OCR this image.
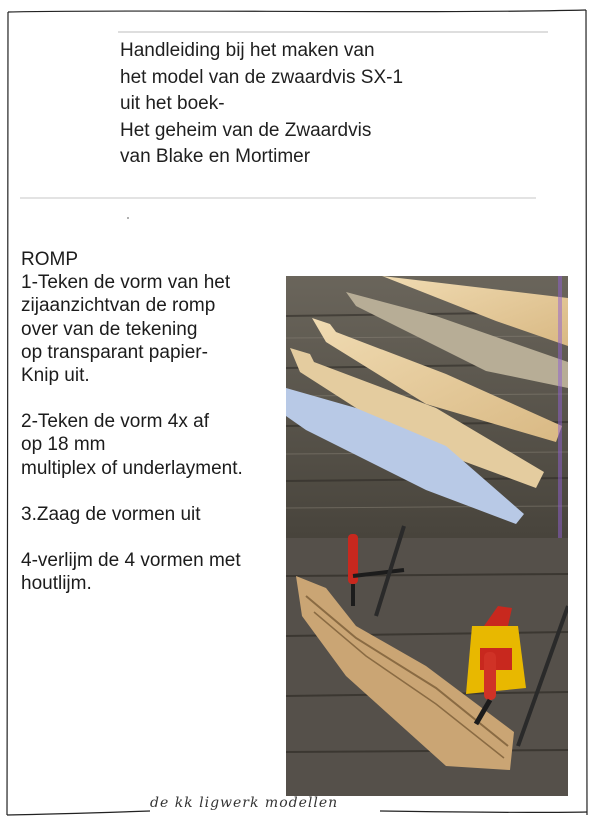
Handleiding bij het maken van
het model van de zwaardvis SX-1
uit het boek-
Het geheim van de Zwaardvis
van Blake en Mortimer
ROMP
1-Teken de vorm van het
zijaanzichtvan de romp
over van de tekening
op transparant papier-
Knip uit.
2-Teken de vorm 4x af
op 18 mm
multiplex of underlayment.
3.Zaag de vormen uit
4-verlijm de 4 vormen met
houtlijm.
de kk ligwerk modellen
